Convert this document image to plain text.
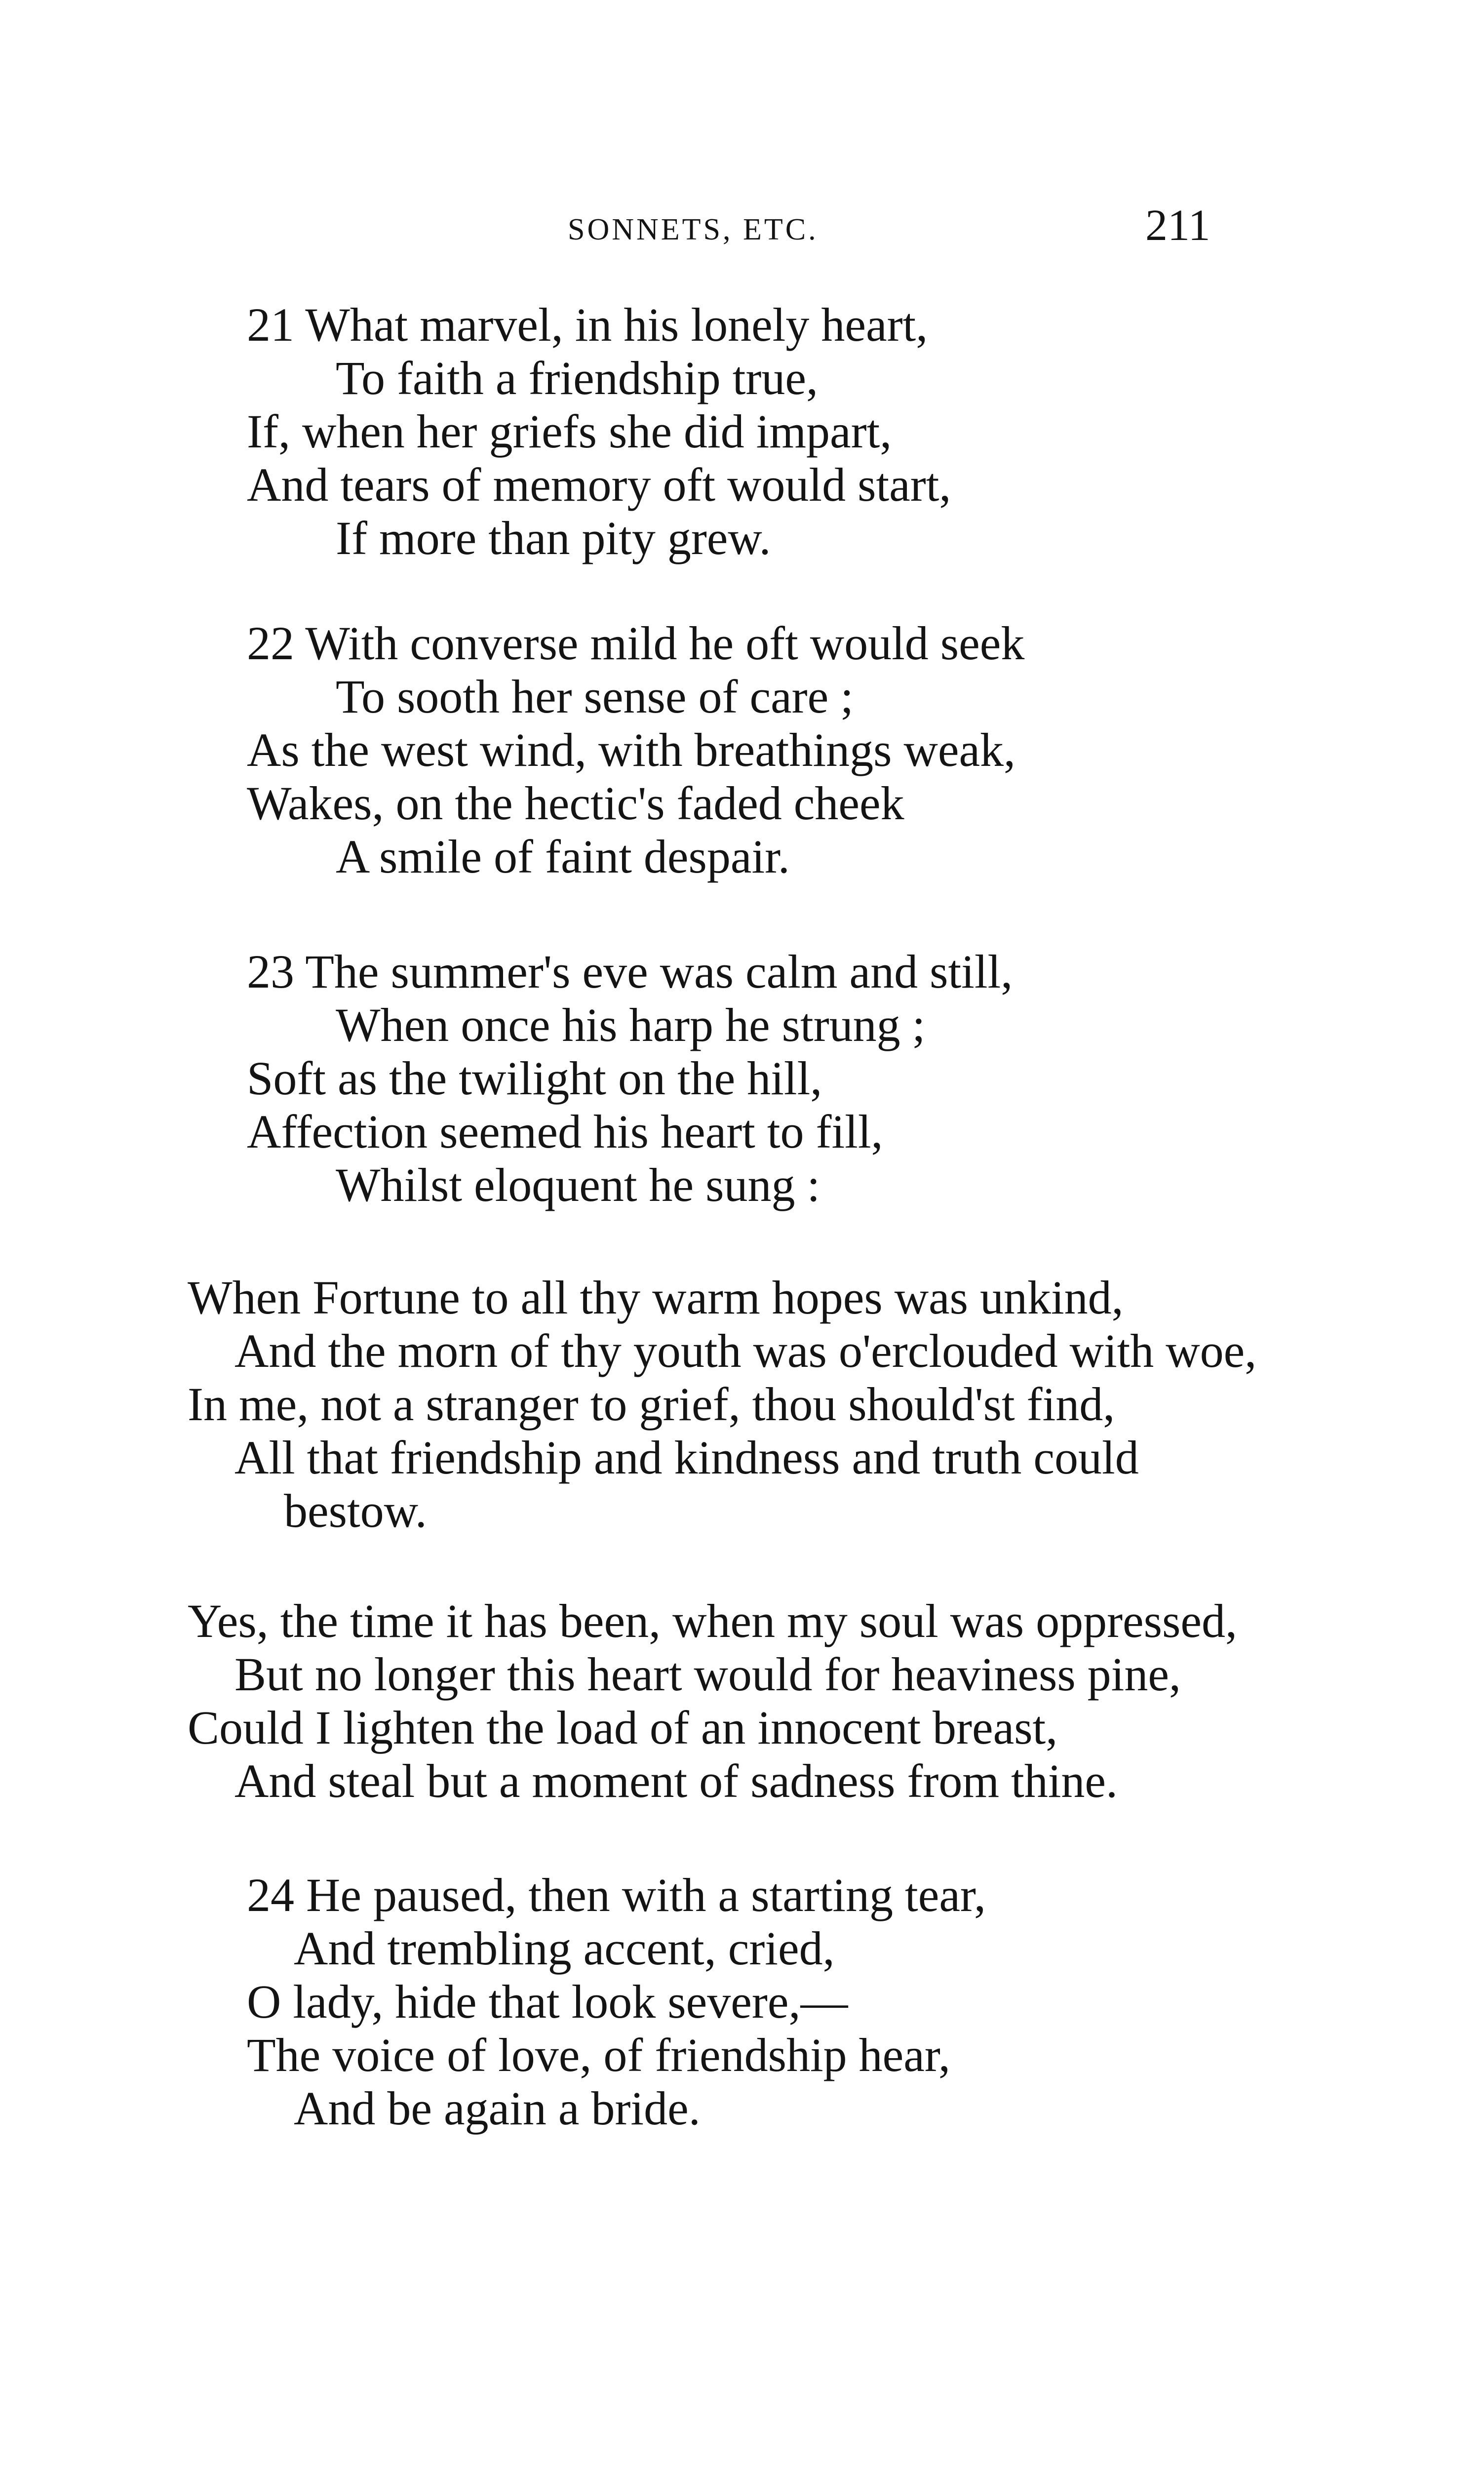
SONNETS, ETC.	211
21 What marvel, in his lonely heart,
To faith a friendship true,
If, when her griefs she did impart,
And tears of memory oft would start,
If more than pity grew.
22 With converse mild he oft would seek
To sooth her sense of care ;
As the west wind, with breathings weak,
Wakes, on the hectic's faded cheek
A smile of faint despair.
23 The summer's eve was calm and still,
When once his harp he strung ;
Soft as the twilight on the hill,
Affection seemed his heart to fill,
Whilst eloquent he sung :
When Fortune to all thy warm hopes was unkind,
And the morn of thy youth was o'erclouded with woe,
In me, not a stranger to grief, thou should'st find,
All that friendship and kindness and truth could
bestow.
Yes, the time it has been, when my soul was oppressed,
But no longer this heart would for heaviness pine,
Could I lighten the load of an innocent breast,
And steal but a moment of sadness from thine.
24 He paused, then with a starting tear,
And trembling accent, cried,
O lady, hide that look severe,—
The voice of love, of friendship hear,
And be again a bride.
